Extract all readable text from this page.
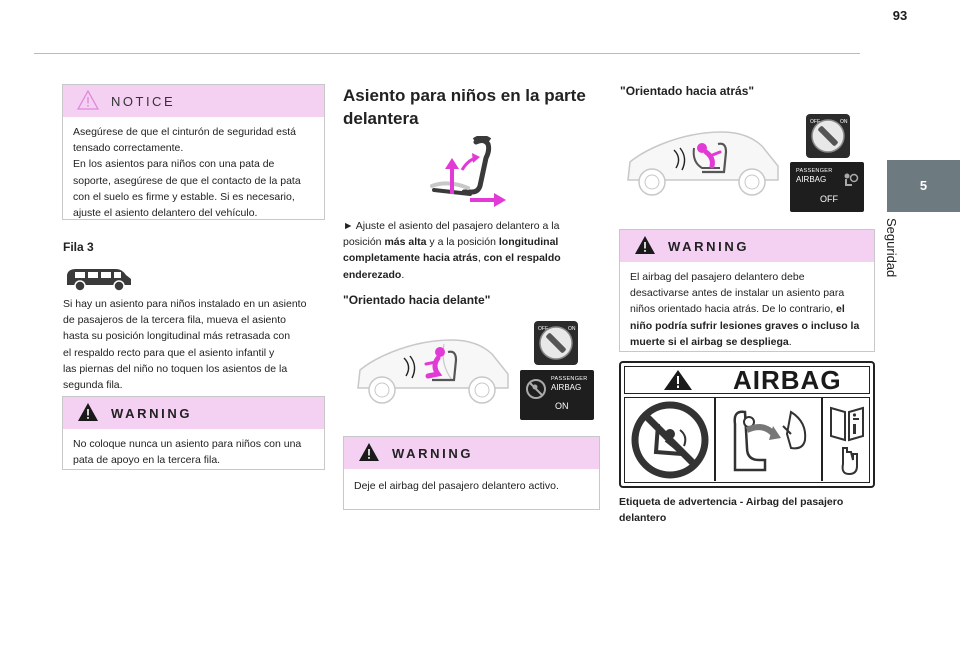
93
5
Seguridad
NOTICE
Asegúrese de que el cinturón de seguridad está
tensado correctamente.
En los asientos para niños con una pata de
soporte, asegúrese de que el contacto de la pata
con el suelo es firme y estable. Si es necesario,
ajuste el asiento delantero del vehículo.
Fila 3
Si hay un asiento para niños instalado en un asiento
de pasajeros de la tercera fila, mueva el asiento
hasta su posición longitudinal más retrasada con
el respaldo recto para que el asiento infantil y
las piernas del niño no toquen los asientos de la
segunda fila.
WARNING
No coloque nunca un asiento para niños con una
pata de apoyo en la tercera fila.
Asiento para niños en la parte
delantera
► Ajuste el asiento del pasajero delantero a la
posición más alta y a la posición longitudinal
completamente hacia atrás, con el respaldo
enderezado.
"Orientado hacia delante"
OFF	ON
PASSENGER
AIRBAG
ON
WARNING
Deje el airbag del pasajero delantero activo.
"Orientado hacia atrás"
OFF	ON
PASSENGER
AIRBAG
OFF
WARNING
El airbag del pasajero delantero debe
desactivarse antes de instalar un asiento para
niños orientado hacia atrás. De lo contrario, el
niño podría sufrir lesiones graves o incluso la
muerte si el airbag se despliega.
AIRBAG
Etiqueta de advertencia - Airbag del pasajero
delantero
